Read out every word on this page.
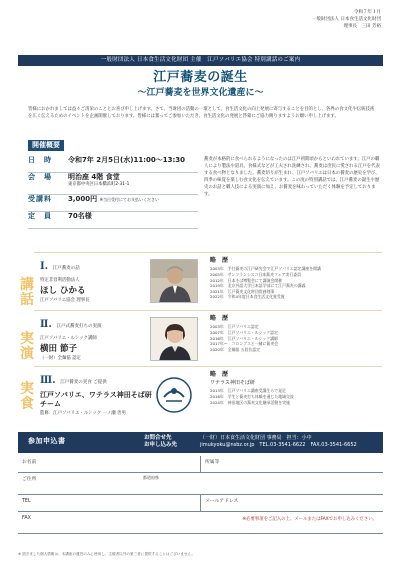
令和７年１月
一般財団法人 日本食生活文化財団
理事長　三田 芳裕
一般財団法人 日本食生活文化財団 主催　江戸ソバリエ協会 特別講話のご案内
江戸蕎麦の誕生
〜江戸蕎麦を世界文化遺産に〜
皆様におかれましては益々ご清栄のこととお喜び申し上げます。さて、当財団の活動の一環として、食生活文化の向上発展に寄与することを目的とし、各界の食文化や伝統技術を広く伝えるためのイベントを企画開催しております。皆様には奮ってご参加いただき、食生活文化の発展と啓蒙にご協力賜りますようお願い申し上げます。
開催概要
日　時	令和7年 2月5日(水)11:00〜13:30
会　場	明治座 4階 食堂
東京都中央区日本橋浜町2-31-1
受講料	3,000円 ※当日受付にてお支払いください
定　員	70名様
蕎麦が本格的に食べられるようになったのは江戸初期頃からといわれています。江戸の職人により製法や道具、食様式などが工夫され洗練され、蕎麦は庶民に愛される江戸を代表する食べ物となりました。蕎麦切りが生まれ、江戸ソバリエは日本の蕎麦の歴史を学び、四季の味覚を楽しむ食文化を伝えています。この度の特別講話では、江戸蕎麦の誕生や歴史のお話と職人技による実演に加え、お蕎麦を味わっていただく体験を予定しております。
講話
実演
実食
Ⅰ. 江戸蕎麦の話
特定非営利活動法人
ほし ひかる
江戸ソバリエ協会 理事長
略　歴
2003年　手打蕎麦の江戸研究会で江戸ソバリエ認定講座を開講
2005年　サンフランシスコ日本蕎麦フェア実行委員
2012年　日本そば博覧会にて講演会開催
2019年　北京外語大学日本語学部にて江戸蕎麦の講義
2021年　江戸蕎麦文化財団常務理事
2022年　令和4年度日本食生活文化賞受賞
Ⅱ. 江戸式蕎麦打ちの実演
江戸ソバリエ・ルシック講師
横田 節子
（一財）全麺協 認定
略　歴
2003年　江戸ソバリエ認定
2007年　江戸ソバリエ・ルシック認定
2016年　江戸ソバリエ・ルシック講師
2017年〜　コロンブスと一緒に蕎麦会
2020年　全麺協 五段位認定
Ⅲ. 江戸蕎麦の実食 ご提供
江戸ソバリエ、ワテラス神田そば研チーム
監修：江戸ソバリエ・ルシック 一ノ瀬 善男
略　歴
ワテラス神田そば研
2013年　江戸ソバリエ講座受講生らで発足
2016年　学生と蕎麦打ち体験を通じた地域交流
2024年　神田地区の蕎麦文化継承活動を実施
参加申込書	お問合せ先
お申し込み先
（一財）日本食生活文化財団 事務局　担当：小中
jimukyoku@nsbz.or.jp　TEL.03-3541-6622　FAX.03-3541-6652
お名前	所属等
ご住所	都道府県
TEL	メールアドレス
FAX	※必要事項をご記入の上、メールまたはFAXでお申し込みください。
※ 頂きました個人情報は、本講座の運営のみに使用し、主催者以外の第三者に提供することはございません。
